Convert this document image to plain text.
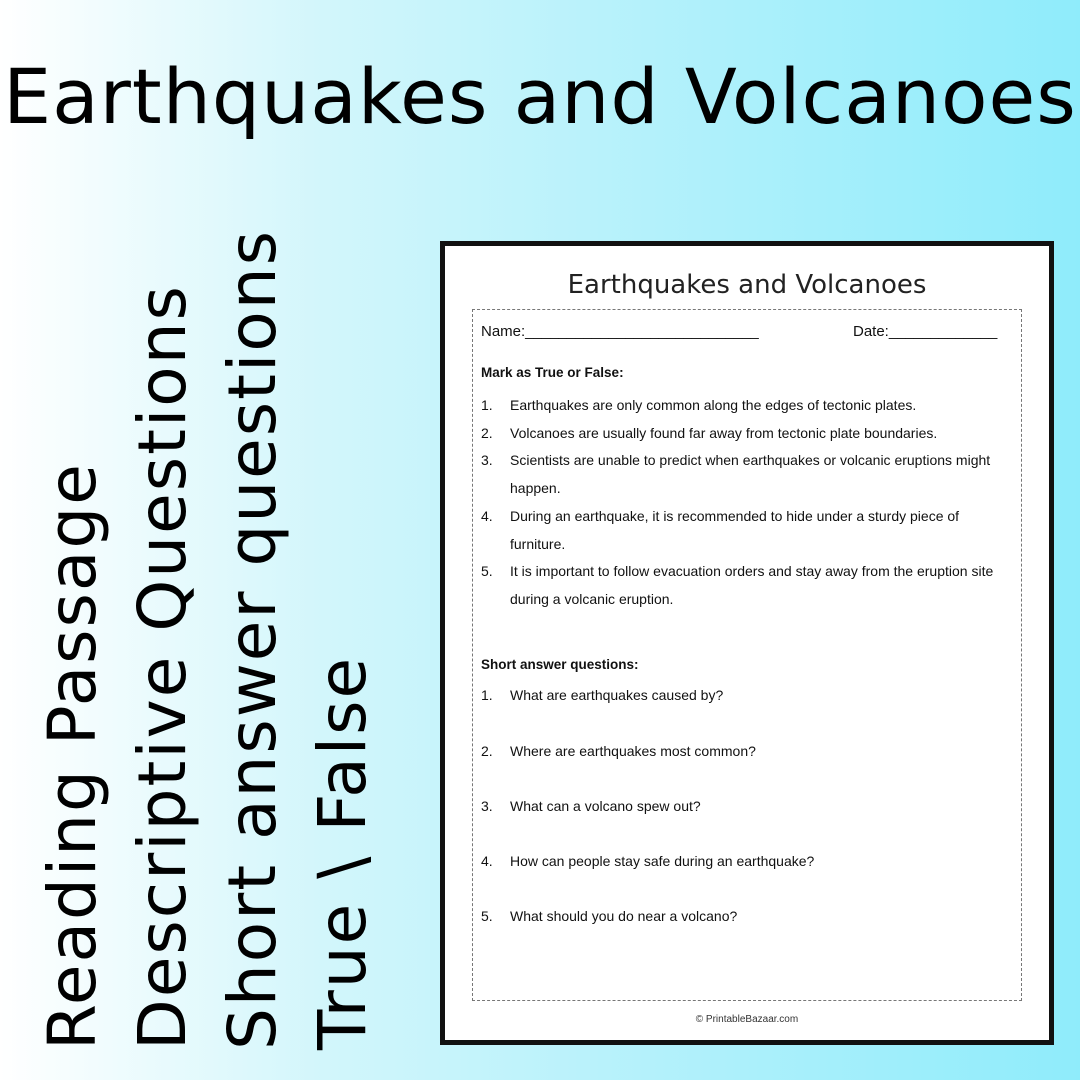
Earthquakes and Volcanoes
Reading Passage Descriptive Questions Short answer questions True \ False
Earthquakes and Volcanoes
Name:____________________________	Date:_____________
Mark as True or False:
1. Earthquakes are only common along the edges of tectonic plates.
2. Volcanoes are usually found far away from tectonic plate boundaries.
3. Scientists are unable to predict when earthquakes or volcanic eruptions might happen.
4. During an earthquake, it is recommended to hide under a sturdy piece of furniture.
5. It is important to follow evacuation orders and stay away from the eruption site during a volcanic eruption.
Short answer questions:
1. What are earthquakes caused by?
2. Where are earthquakes most common?
3. What can a volcano spew out?
4. How can people stay safe during an earthquake?
5. What should you do near a volcano?
© PrintableBazaar.com
